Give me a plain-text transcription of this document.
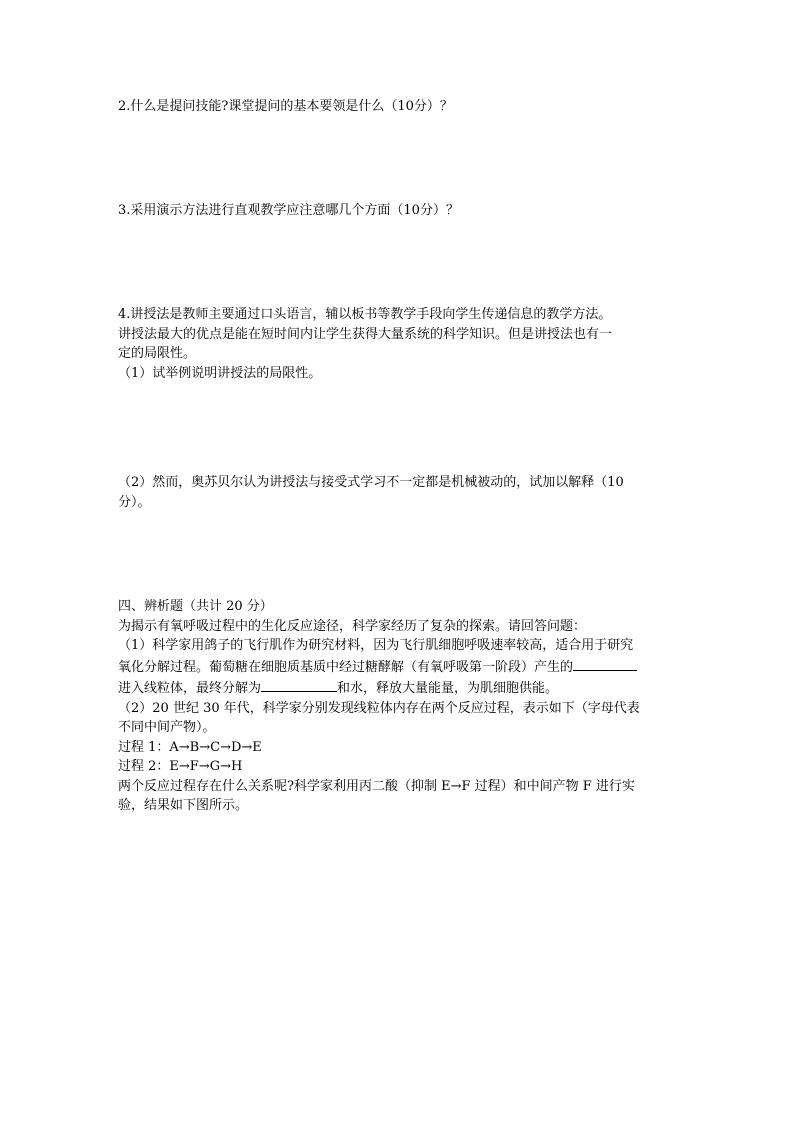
2.什么是提问技能?课堂提问的基本要领是什么（10分）？

3.采用演示方法进行直观教学应注意哪几个方面（10分）？

4.讲授法是教师主要通过口头语言，辅以板书等教学手段向学生传递信息的教学方法。
讲授法最大的优点是能在短时间内让学生获得大量系统的科学知识。但是讲授法也有一
定的局限性。
（1）试举例说明讲授法的局限性。

（2）然而，奥苏贝尔认为讲授法与接受式学习不一定都是机械被动的，试加以解释（10
分）。

四、辨析题（共计 20 分）
为揭示有氧呼吸过程中的生化反应途径，科学家经历了复杂的探索。请回答问题：
（1）科学家用鸽子的飞行肌作为研究材料，因为飞行肌细胞呼吸速率较高，适合用于研究
氧化分解过程。葡萄糖在细胞质基质中经过糖酵解（有氧呼吸第一阶段）产生的
进入线粒体，最终分解为	和水，释放大量能量，为肌细胞供能。
（2）20 世纪 30 年代，科学家分别发现线粒体内存在两个反应过程，表示如下（字母代表
不同中间产物）。
过程 1：A→B→C→D→E
过程 2：E→F→G→H
两个反应过程存在什么关系呢?科学家利用丙二酸（抑制 E→F 过程）和中间产物 F 进行实
验，结果如下图所示。
